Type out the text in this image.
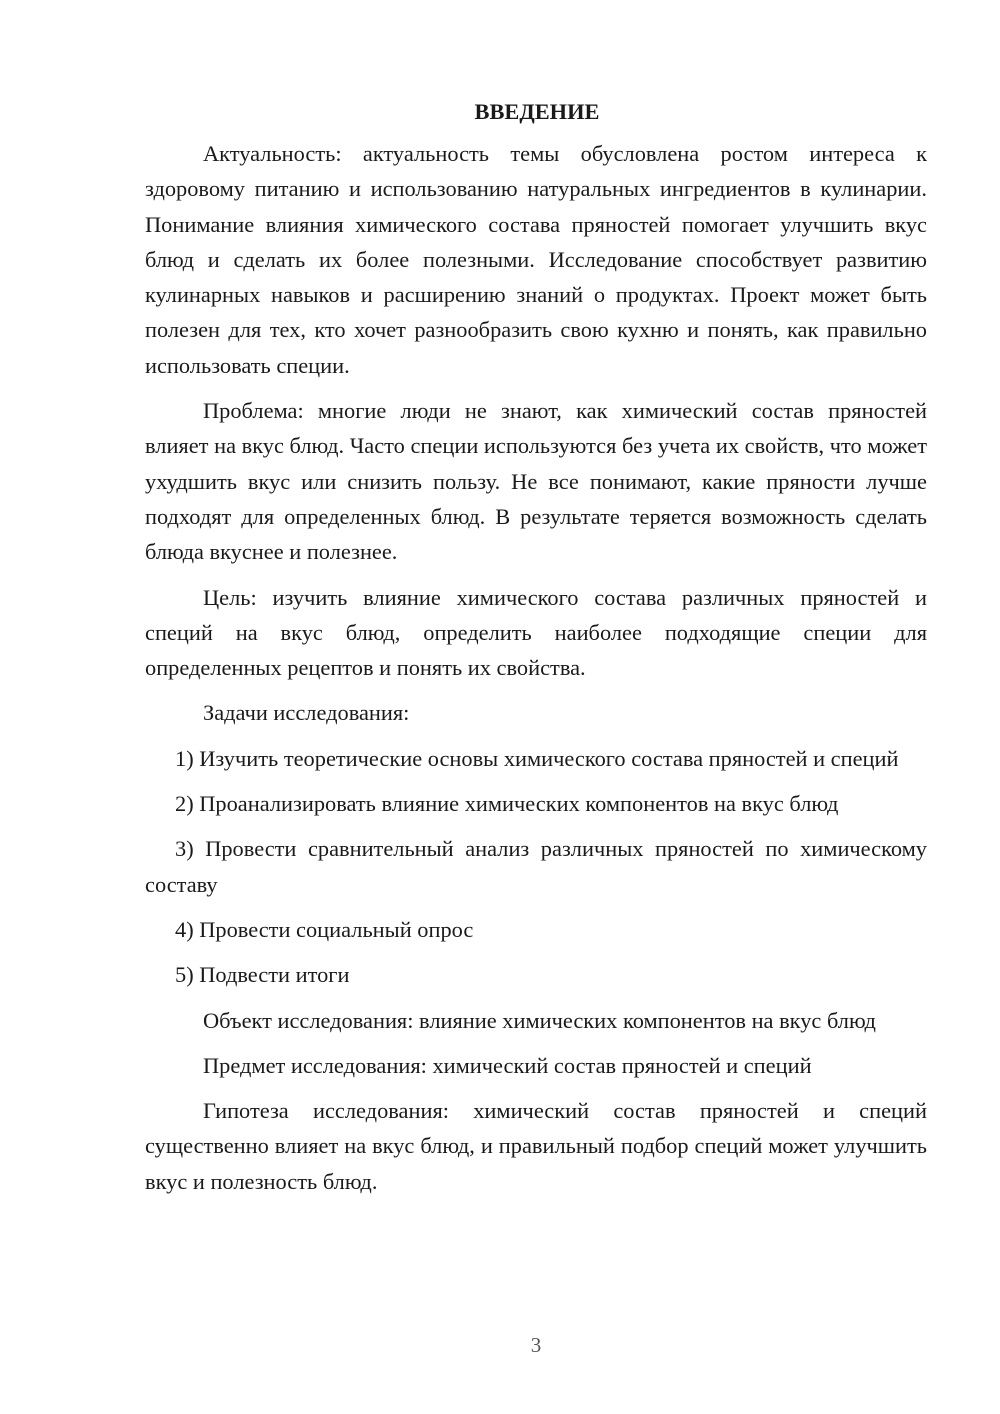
ВВЕДЕНИЕ

Актуальность: актуальность темы обусловлена ростом интереса к здоровому питанию и использованию натуральных ингредиентов в кулинарии. Понимание влияния химического состава пряностей помогает улучшить вкус блюд и сделать их более полезными. Исследование способствует развитию кулинарных навыков и расширению знаний о продуктах. Проект может быть полезен для тех, кто хочет разнообразить свою кухню и понять, как правильно использовать специи.

Проблема: многие люди не знают, как химический состав пряностей влияет на вкус блюд. Часто специи используются без учета их свойств, что может ухудшить вкус или снизить пользу. Не все понимают, какие пряности лучше подходят для определенных блюд. В результате теряется возможность сделать блюда вкуснее и полезнее.

Цель: изучить влияние химического состава различных пряностей и специй на вкус блюд, определить наиболее подходящие специи для определенных рецептов и понять их свойства.

Задачи исследования:

1) Изучить теоретические основы химического состава пряностей и специй

2) Проанализировать влияние химических компонентов на вкус блюд

3) Провести сравнительный анализ различных пряностей по химическому составу

4) Провести социальный опрос

5) Подвести итоги

Объект исследования: влияние химических компонентов на вкус блюд

Предмет исследования: химический состав пряностей и специй

Гипотеза исследования: химический состав пряностей и специй существенно влияет на вкус блюд, и правильный подбор специй может улучшить вкус и полезность блюд.

3
